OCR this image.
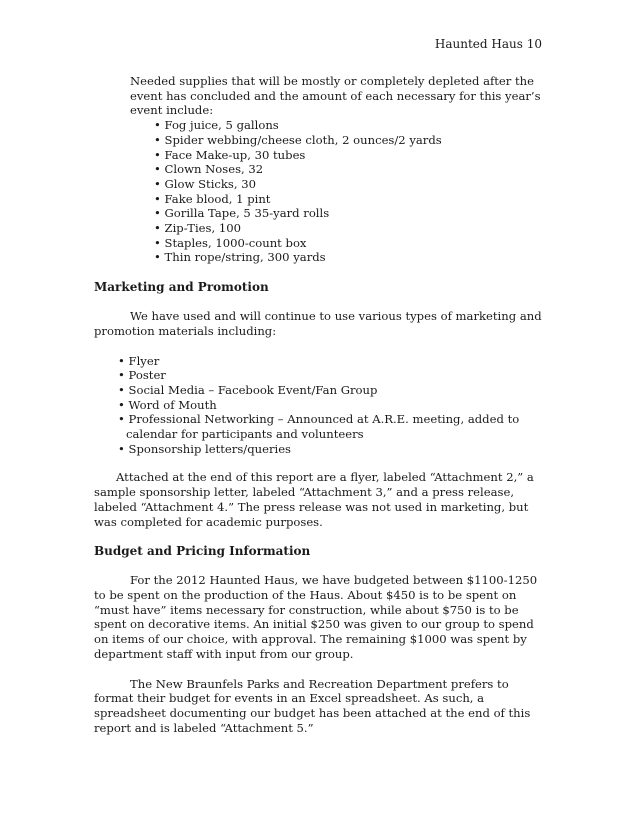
Haunted Haus 10

Needed supplies that will be mostly or completely depleted after the event has concluded and the amount of each necessary for this year’s event include:

• Fog juice, 5 gallons
• Spider webbing/cheese cloth, 2 ounces/2 yards
• Face Make-up, 30 tubes
• Clown Noses, 32
• Glow Sticks, 30
• Fake blood, 1 pint
• Gorilla Tape, 5 35-yard rolls
• Zip-Ties, 100
• Staples, 1000-count box
• Thin rope/string, 300 yards
Marketing and Promotion

We have used and will continue to use various types of marketing and promotion materials including:

• Flyer
• Poster
• Social Media – Facebook Event/Fan Group
• Word of Mouth
• Professional Networking – Announced at A.R.E. meeting, added to calendar for participants and volunteers
• Sponsorship letters/queries

Attached at the end of this report are a flyer, labeled “Attachment 2,” a sample sponsorship letter, labeled “Attachment 3,” and a press release, labeled “Attachment 4.” The press release was not used in marketing, but was completed for academic purposes.

Budget and Pricing Information

For the 2012 Haunted Haus, we have budgeted between $1100-1250 to be spent on the production of the Haus. About $450 is to be spent on “must have” items necessary for construction, while about $750 is to be spent on decorative items. An initial $250 was given to our group to spend on items of our choice, with approval. The remaining $1000 was spent by department staff with input from our group.

The New Braunfels Parks and Recreation Department prefers to format their budget for events in an Excel spreadsheet. As such, a spreadsheet documenting our budget has been attached at the end of this report and is labeled “Attachment 5.”
